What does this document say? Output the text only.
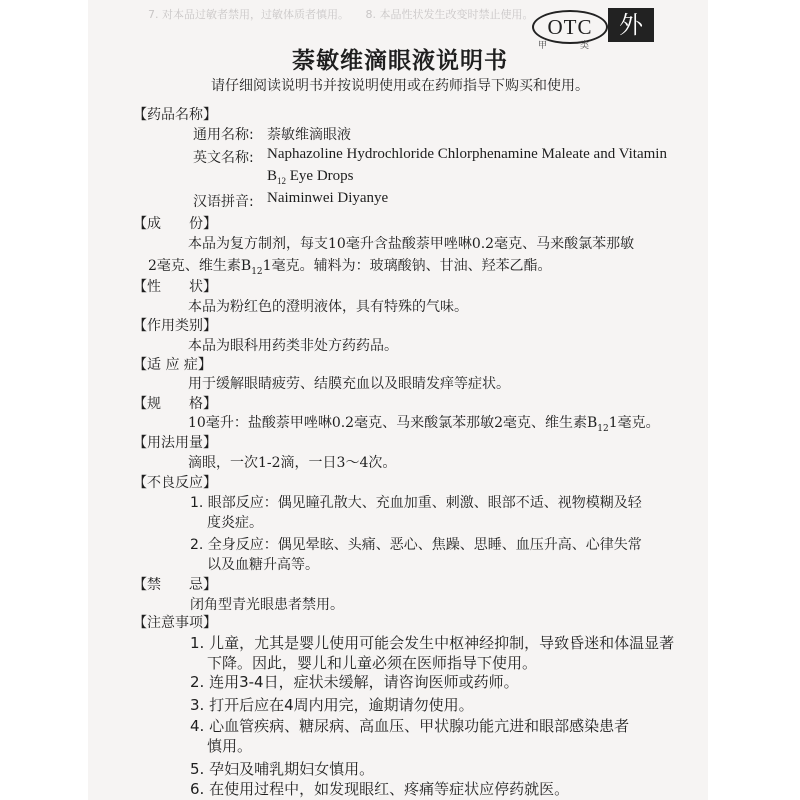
7. 对本品过敏者禁用，过敏体质者慎用。　　8. 本品性状发生改变时禁止使用。
OTC
甲	类
外
萘敏维滴眼液说明书
请仔细阅读说明书并按说明使用或在药师指导下购买和使用。
【药品名称】
通用名称: 萘敏维滴眼液
英文名称: Naphazoline Hydrochloride Chlorphenamine Maleate and Vitamin
$B_{12}$ Eye Drops
汉语拼音: Naiminwei Diyanye
【成　　份】
本品为复方制剂，每支10毫升含盐酸萘甲唑啉0.2毫克、马来酸氯苯那敏
2毫克、维生素$B_{12}1$毫克。辅料为：玻璃酸钠、甘油、羟苯乙酯。
【性　　状】
本品为粉红色的澄明液体，具有特殊的气味。
【作用类别】
本品为眼科用药类非处方药药品。
【适 应 症】
用于缓解眼睛疲劳、结膜充血以及眼睛发痒等症状。
【规　　格】
10毫升：盐酸萘甲唑啉0.2毫克、马来酸氯苯那敏2毫克、维生素$B_{12}1$毫克。
【用法用量】
滴眼，一次1-2滴，一日3～4次。
【不良反应】
1. 眼部反应：偶见瞳孔散大、充血加重、刺激、眼部不适、视物模糊及轻
度炎症。
2. 全身反应：偶见晕眩、头痛、恶心、焦躁、思睡、血压升高、心律失常
以及血糖升高等。
【禁　　忌】
闭角型青光眼患者禁用。
【注意事项】
1. 儿童，尤其是婴儿使用可能会发生中枢神经抑制，导致昏迷和体温显著
下降。因此，婴儿和儿童必须在医师指导下使用。
2. 连用3-4日，症状未缓解，请咨询医师或药师。
3. 打开后应在4周内用完，逾期请勿使用。
4. 心血管疾病、糖尿病、高血压、甲状腺功能亢进和眼部感染患者
慎用。
5. 孕妇及哺乳期妇女慎用。
6. 在使用过程中，如发现眼红、疼痛等症状应停药就医。
